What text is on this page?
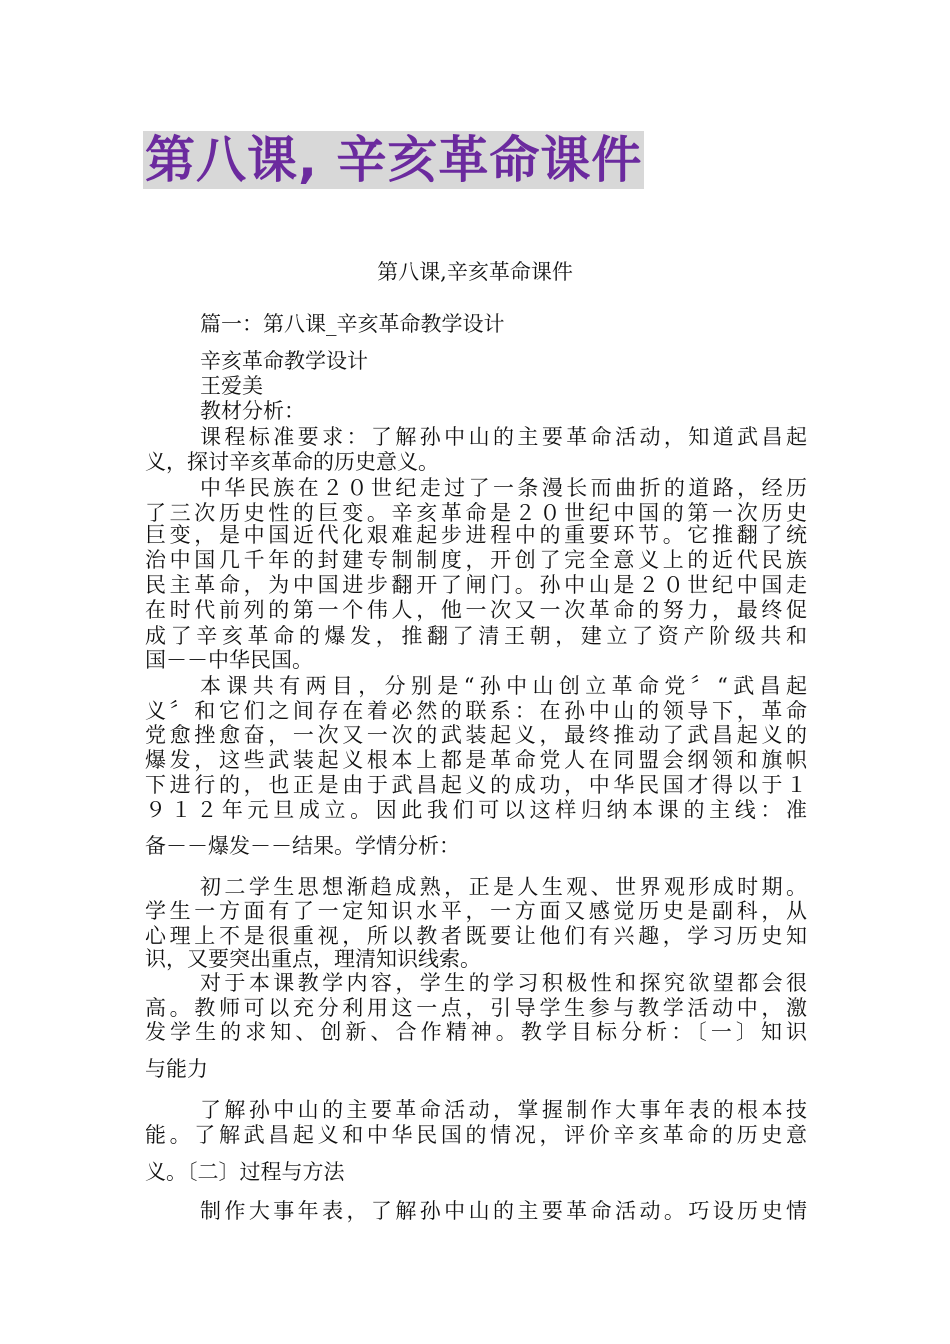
第八课, 辛亥革命课件
第八课,辛亥革命课件
篇一：第八课_辛亥革命教学设计
辛亥革命教学设计
王爱美
教材分析：
课程标准要求：了解孙中山的主要革命活动，知道武昌起
义，探讨辛亥革命的历史意义。
中华民族在２０世纪走过了一条漫长而曲折的道路，经历
了三次历史性的巨变。辛亥革命是２０世纪中国的第一次历史
巨变，是中国近代化艰难起步进程中的重要环节。它推翻了统
治中国几千年的封建专制制度，开创了完全意义上的近代民族
民主革命，为中国进步翻开了闸门。孙中山是２０世纪中国走
在时代前列的第一个伟人，他一次又一次革命的努力，最终促
成了辛亥革命的爆发，推翻了清王朝，建立了资产阶级共和
国－－中华民国。
本课共有两目，分别是“孙中山创立革命党〞“武昌起
义〞和它们之间存在着必然的联系：在孙中山的领导下，革命
党愈挫愈奋，一次又一次的武装起义，最终推动了武昌起义的
爆发，这些武装起义根本上都是革命党人在同盟会纲领和旗帜
下进行的，也正是由于武昌起义的成功，中华民国才得以于１
９１２年元旦成立。因此我们可以这样归纳本课的主线：准
备－－爆发－－结果。学情分析：
初二学生思想渐趋成熟，正是人生观、世界观形成时期。
学生一方面有了一定知识水平，一方面又感觉历史是副科，从
心理上不是很重视，所以教者既要让他们有兴趣，学习历史知
识，又要突出重点，理清知识线索。
对于本课教学内容，学生的学习积极性和探究欲望都会很
高。教师可以充分利用这一点，引导学生参与教学活动中，激
发学生的求知、创新、合作精神。教学目标分析：〔一〕知识
与能力
了解孙中山的主要革命活动，掌握制作大事年表的根本技
能。了解武昌起义和中华民国的情况，评价辛亥革命的历史意
义。〔二〕过程与方法
制作大事年表，了解孙中山的主要革命活动。巧设历史情
